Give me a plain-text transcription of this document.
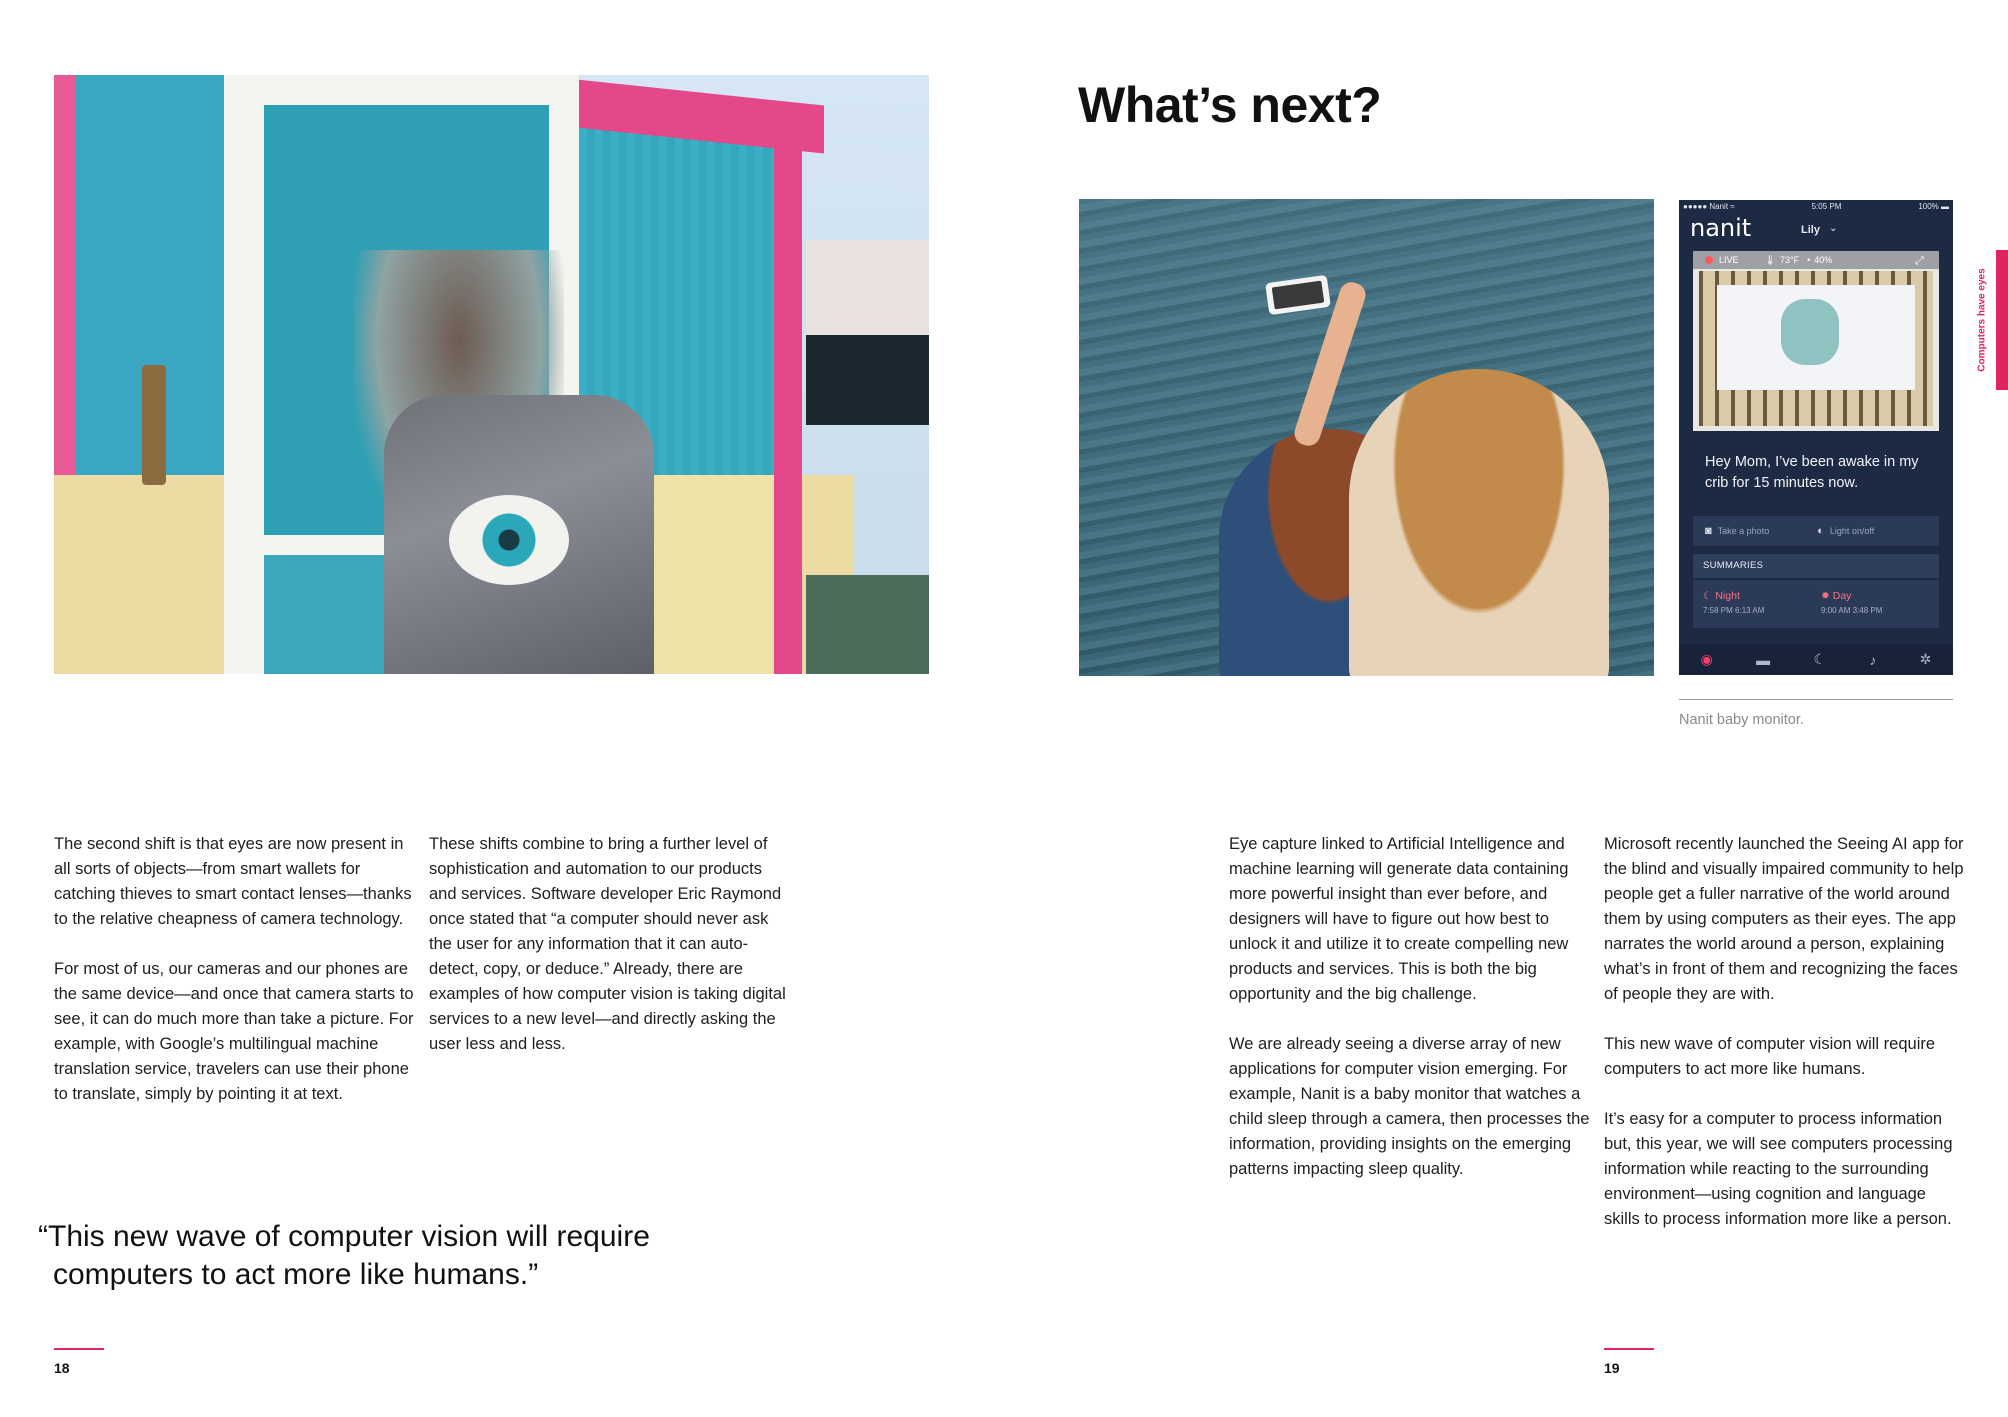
What’s next?
●●●●● Nanit ≈	5:05 PM	100% ▬
nanit	Lily ⌄
LIVE	🌡 73°F • 40%	⤢
Hey Mom, I’ve been awake in my crib for 15 minutes now.
◙ Take a photo	◐ Light on/off
SUMMARIES
☾ Night
7:58 PM 6:13 AM
✹ Day
9:00 AM 3:48 PM
◉	▬	☾	♪	✲
Nanit baby monitor.
Computers have eyes

The second shift is that eyes are now present in all sorts of objects—from smart wallets for catching thieves to smart contact lenses—thanks to the relative cheapness of camera technology.

For most of us, our cameras and our phones are the same device—and once that camera starts to see, it can do much more than take a picture. For example, with Google’s multilingual machine translation service, travelers can use their phone to translate, simply by pointing it at text.

These shifts combine to bring a further level of sophistication and automation to our products and services. Software developer Eric Raymond once stated that “a computer should never ask the user for any information that it can auto-detect, copy, or deduce.” Already, there are examples of how computer vision is taking digital services to a new level—and directly asking the user less and less.

Eye capture linked to Artificial Intelligence and machine learning will generate data containing more powerful insight than ever before, and designers will have to figure out how best to unlock it and utilize it to create compelling new products and services. This is both the big opportunity and the big challenge.

We are already seeing a diverse array of new applications for computer vision emerging. For example, Nanit is a baby monitor that watches a child sleep through a camera, then processes the information, providing insights on the emerging patterns impacting sleep quality.

Microsoft recently launched the Seeing AI app for the blind and visually impaired community to help people get a fuller narrative of the world around them by using computers as their eyes. The app narrates the world around a person, explaining what’s in front of them and recognizing the faces of people they are with.

This new wave of computer vision will require computers to act more like humans.

It’s easy for a computer to process information but, this year, we will see computers processing information while reacting to the surrounding environment—using cognition and language skills to process information more like a person.

“This new wave of computer vision will require
computers to act more like humans.”
18	19
